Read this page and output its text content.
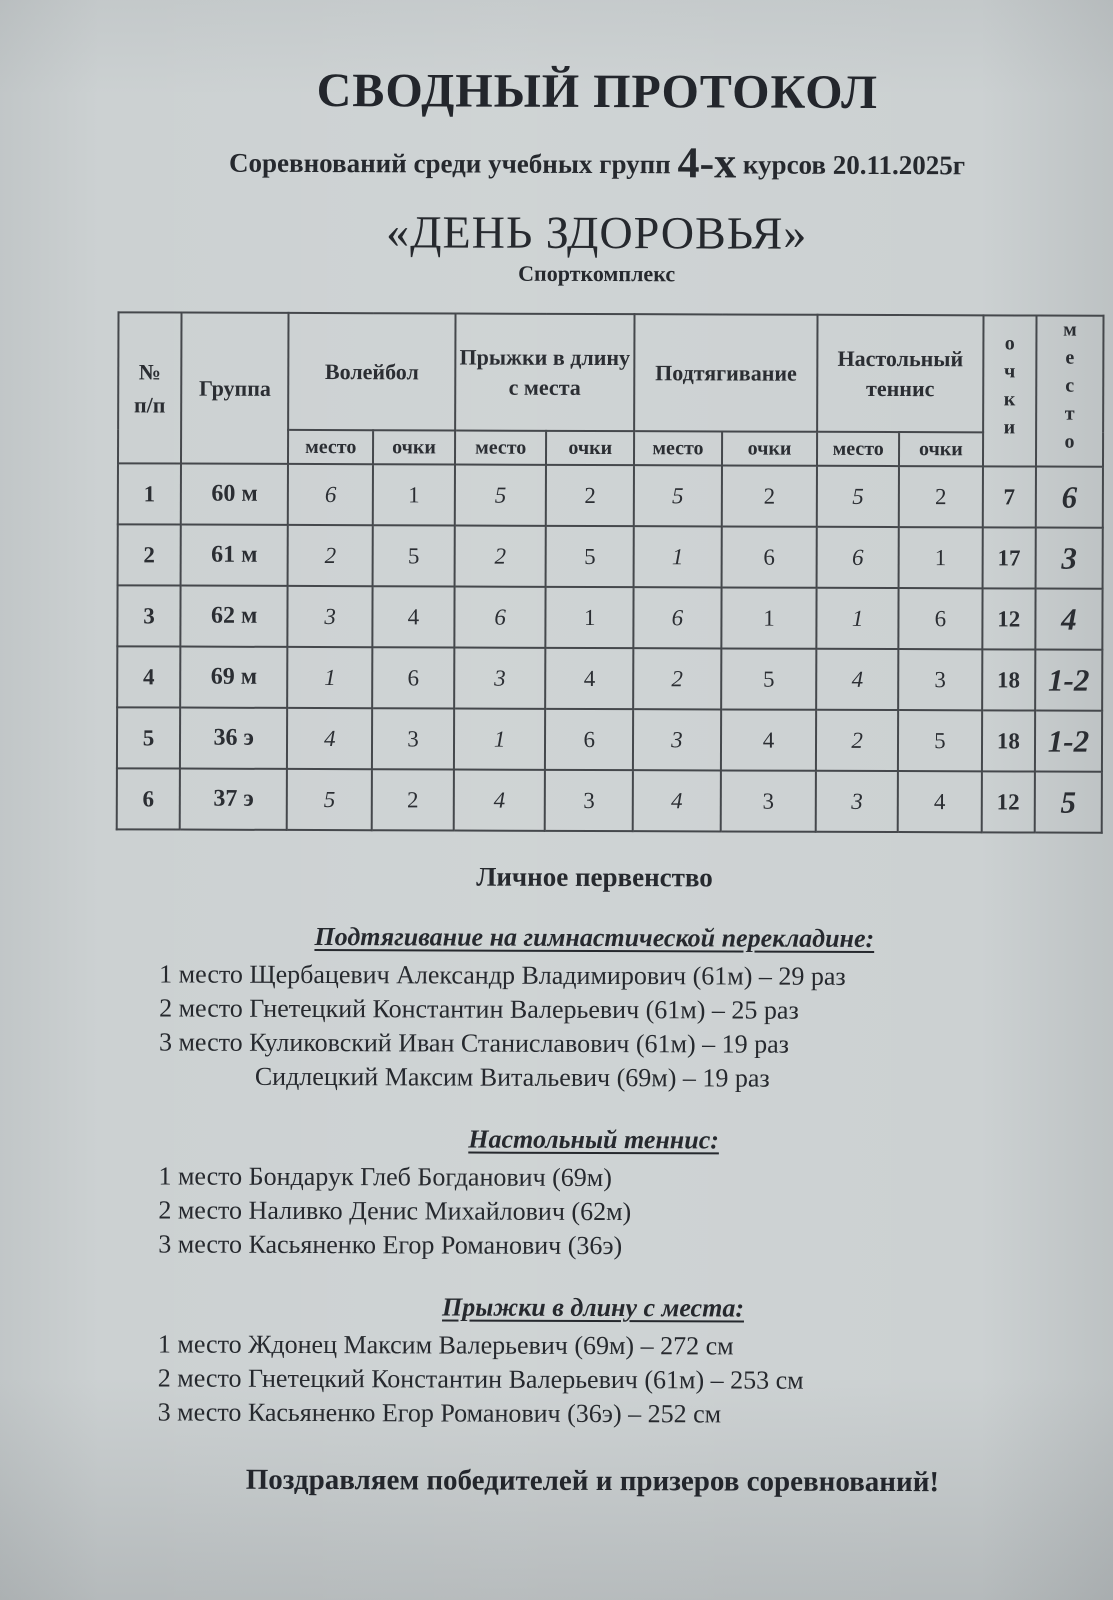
СВОДНЫЙ ПРОТОКОЛ

Соревнований среди учебных групп 4-х курсов 20.11.2025г

«ДЕНЬ ЗДОРОВЬЯ»

Спорткомплекс

№
п/п	Группа	Волейбол		Прыжки в длину с места		Подтягивание		Настольный теннис		очки	место
		место	очки	место	очки	место	очки	место	очки		
1	60 м	6	1	5	2	5	2	5	2	7	6
2	61 м	2	5	2	5	1	6	6	1	17	3
3	62 м	3	4	6	1	6	1	1	6	12	4
4	69 м	1	6	3	4	2	5	4	3	18	1-2
5	36 э	4	3	1	6	3	4	2	5	18	1-2
6	37 э	5	2	4	3	4	3	3	4	12	5
Личное первенство
Подтягивание на гимнастической перекладине:
1 место Щербацевич Александр Владимирович (61м) – 29 раз
2 место Гнетецкий Константин Валерьевич (61м) – 25 раз
3 место Куликовский Иван Станиславович (61м) – 19 раз
Сидлецкий Максим Витальевич (69м) – 19 раз
Настольный теннис:
1 место Бондарук Глеб Богданович (69м)
2 место Наливко Денис Михайлович (62м)
3 место Касьяненко Егор Романович (36э)
Прыжки в длину с места:
1 место Ждонец Максим Валерьевич (69м) – 272 см
2 место Гнетецкий Константин Валерьевич (61м) – 253 см
3 место Касьяненко Егор Романович (36э) – 252 см
Поздравляем победителей и призеров соревнований!
